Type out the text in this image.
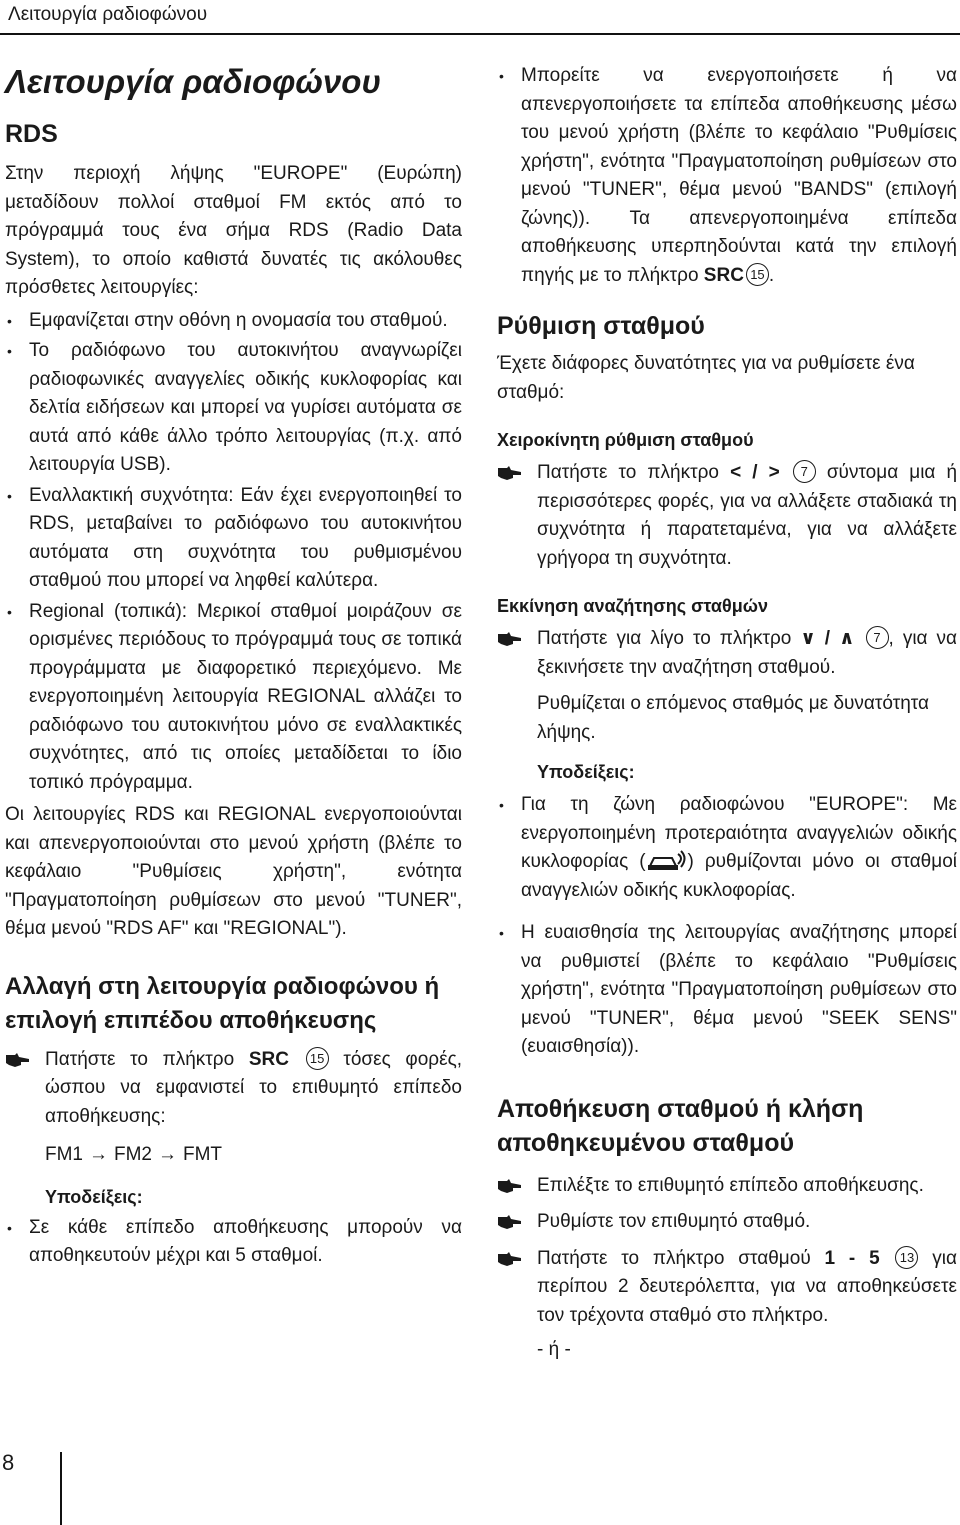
Λειτουργία ραδιοφώνου
Λειτουργία ραδιοφώνου
RDS

Στην περιοχή λήψης "EUROPE" (Ευρώπη) μεταδίδουν πολλοί σταθμοί FM εκτός από το πρόγραμμά τους ένα σήμα RDS (Radio Data System), το οποίο καθιστά δυνατές τις ακόλουθες πρόσθετες λειτουργίες:

• Εμφανίζεται στην οθόνη η ονομασία του σταθμού.
• Το ραδιόφωνο του αυτοκινήτου αναγνωρίζει ραδιοφωνικές αναγγελίες οδικής κυκλοφορίας και δελτία ειδήσεων και μπορεί να γυρίσει αυτόματα σε αυτά από κάθε άλλο τρόπο λειτουργίας (π.χ. από λειτουργία USB).
• Εναλλακτική συχνότητα: Εάν έχει ενεργοποιηθεί το RDS, μεταβαίνει το ραδιόφωνο του αυτοκινήτου αυτόματα στη συχνότητα του ρυθμισμένου σταθμού που μπορεί να ληφθεί καλύτερα.
• Regional (τοπικά): Μερικοί σταθμοί μοιράζουν σε ορισμένες περιόδους το πρόγραμμά τους σε τοπικά προγράμματα με διαφορετικό περιεχόμενο. Με ενεργοποιημένη λειτουργία REGIONAL αλλάζει το ραδιόφωνο του αυτοκινήτου μόνο σε εναλλακτικές συχνότητες, από τις οποίες μεταδίδεται το ίδιο τοπικό πρόγραμμα.

Οι λειτουργίες RDS και REGIONAL ενεργοποιούνται και απενεργοποιούνται στο μενού χρήστη (βλέπε το κεφάλαιο "Ρυθμίσεις χρήστη", ενότητα "Πραγματοποίηση ρυθμίσεων στο μενού "TUNER", θέμα μενού "RDS AF" και "REGIONAL").

Αλλαγή στη λειτουργία ραδιοφώνου ή επιλογή επιπέδου αποθήκευσης

Πατήστε το πλήκτρο SRC 15 τόσες φορές, ώσπου να εμφανιστεί το επιθυμητό επίπεδο αποθήκευσης:

FM1 → FM2 → FMT

Υποδείξεις:
• Σε κάθε επίπεδο αποθήκευσης μπορούν να αποθηκευτούν μέχρι και 5 σταθμοί.
• Μπορείτε να ενεργοποιήσετε ή να απενεργοποιήσετε τα επίπεδα αποθήκευσης μέσω του μενού χρήστη (βλέπε το κεφάλαιο "Ρυθμίσεις χρήστη", ενότητα "Πραγματοποίηση ρυθμίσεων στο μενού "TUNER", θέμα μενού "BANDS" (επιλογή ζώνης)). Τα απενεργοποιημένα επίπεδα αποθήκευσης υπερπηδούνται κατά την επιλογή πηγής με το πλήκτρο SRC 15 .
Ρύθμιση σταθμού

Έχετε διάφορες δυνατότητες για να ρυθμίσετε ένα σταθμό:

Χειροκίνητη ρύθμιση σταθμού

Πατήστε το πλήκτρο < / > 7 σύντομα μια ή περισσότερες φορές, για να αλλάξετε σταδιακά τη συχνότητα ή παρατεταμένα, για να αλλάξετε γρήγορα τη συχνότητα.

Εκκίνηση αναζήτησης σταθμών

Πατήστε για λίγο το πλήκτρο ∨ / ∧ 7 , για να ξεκινήσετε την αναζήτηση σταθμού.

Ρυθμίζεται ο επόμενος σταθμός με δυνατότητα λήψης.

Υποδείξεις:
• Για τη ζώνη ραδιοφώνου "EUROPE": Με ενεργοποιημένη προτεραιότητα αναγγελιών οδικής κυκλοφορίας ( ) ρυθμίζονται μόνο οι σταθμοί αναγγελιών οδικής κυκλοφορίας.
• Η ευαισθησία της λειτουργίας αναζήτησης μπορεί να ρυθμιστεί (βλέπε το κεφάλαιο "Ρυθμίσεις χρήστη", ενότητα "Πραγματοποίηση ρυθμίσεων στο μενού "TUNER", θέμα μενού "SEEK SENS" (ευαισθησία)).
Αποθήκευση σταθμού ή κλήση αποθηκευμένου σταθμού

Επιλέξτε το επιθυμητό επίπεδο αποθήκευσης.

Ρυθμίστε τον επιθυμητό σταθμό.

Πατήστε το πλήκτρο σταθμού 1 - 5 13 για περίπου 2 δευτερόλεπτα, για να αποθηκεύσετε τον τρέχοντα σταθμό στο πλήκτρο.

- ή -

8
